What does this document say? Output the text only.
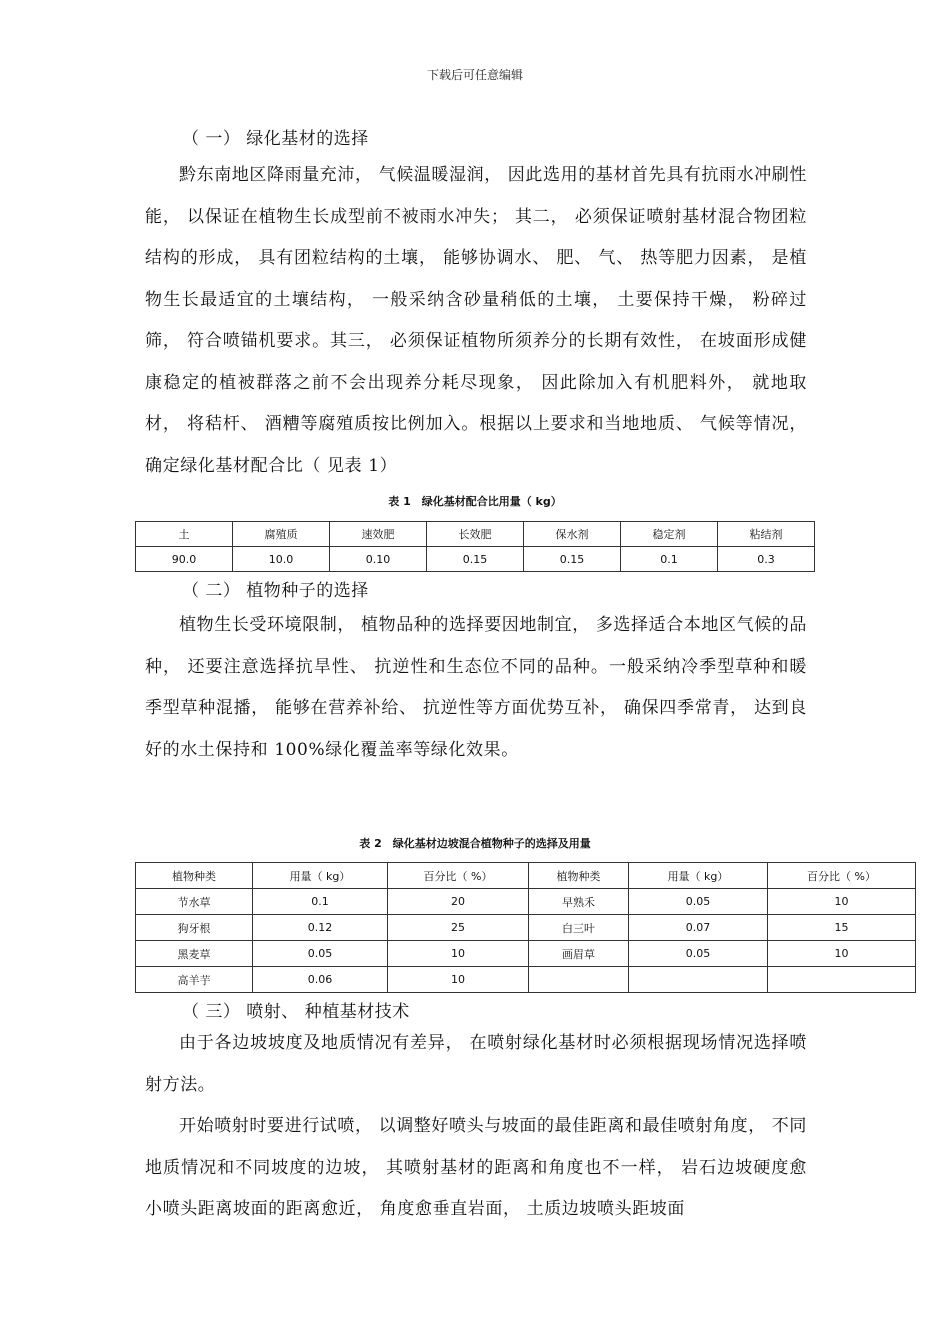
下载后可任意编辑
（ 一） 绿化基材的选择
黔东南地区降雨量充沛， 气候温暖湿润， 因此选用的基材首先具有抗雨水冲刷性能， 以保证在植物生长成型前不被雨水冲失； 其二， 必须保证喷射基材混合物团粒结构的形成， 具有团粒结构的土壤， 能够协调水、 肥、 气、 热等肥力因素， 是植物生长最适宜的土壤结构， 一般采纳含砂量稍低的土壤， 土要保持干燥， 粉碎过筛， 符合喷锚机要求。其三， 必须保证植物所须养分的长期有效性， 在坡面形成健康稳定的植被群落之前不会出现养分耗尽现象， 因此除加入有机肥料外， 就地取材， 将秸杆、 酒糟等腐殖质按比例加入。根据以上要求和当地地质、 气候等情况， 确定绿化基材配合比（ 见表 1）
表 1　绿化基材配合比用量（ kg）
土	腐殖质	速效肥	长效肥	保水剂	稳定剂	粘结剂
90.0	10.0	0.10	0.15	0.15	0.1	0.3
（ 二） 植物种子的选择
植物生长受环境限制， 植物品种的选择要因地制宜， 多选择适合本地区气候的品种， 还要注意选择抗旱性、 抗逆性和生态位不同的品种。一般采纳冷季型草种和暖季型草种混播， 能够在营养补给、 抗逆性等方面优势互补， 确保四季常青， 达到良好的水土保持和 100%绿化覆盖率等绿化效果。
表 2　绿化基材边坡混合植物种子的选择及用量
植物种类	用量（ kg）	百分比（ %）	植物种类	用量（ kg）	百分比（ %）
节水草	0.1	20	早熟禾	0.05	10
狗牙根	0.12	25	白三叶	0.07	15
黑麦草	0.05	10	画眉草	0.05	10
高羊芋	0.06	10			
（ 三） 喷射、 种植基材技术
由于各边坡坡度及地质情况有差异， 在喷射绿化基材时必须根据现场情况选择喷射方法。
开始喷射时要进行试喷， 以调整好喷头与坡面的最佳距离和最佳喷射角度， 不同地质情况和不同坡度的边坡， 其喷射基材的距离和角度也不一样， 岩石边坡硬度愈小喷头距离坡面的距离愈近， 角度愈垂直岩面， 土质边坡喷头距坡面
